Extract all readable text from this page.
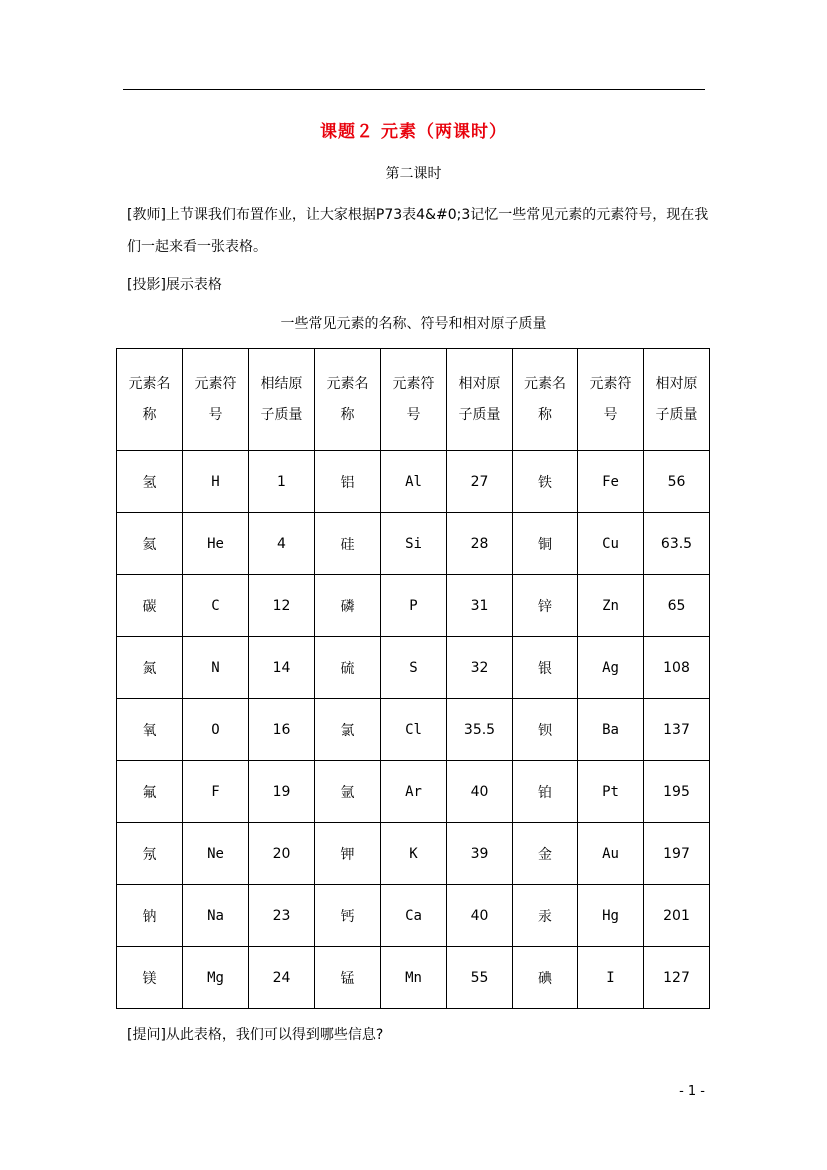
课题２ 元素（两课时）
第二课时
[教师]上节课我们布置作业，让大家根据P73表4&#0;3记忆一些常见元素的元素符号，现在我们一起来看一张表格。
[投影]展示表格
一些常见元素的名称、符号和相对原子质量
元素名称	元素符号	相结原子质量	元素名称	元素符号	相对原子质量	元素名称	元素符号	相对原子质量
氢	H	1	铝	Al	27	铁	Fe	56
氦	He	4	硅	Si	28	铜	Cu	63.5
碳	C	12	磷	P	31	锌	Zn	65
氮	N	14	硫	S	32	银	Ag	108
氧	O	16	氯	Cl	35.5	钡	Ba	137
氟	F	19	氩	Ar	40	铂	Pt	195
氖	Ne	20	钾	K	39	金	Au	197
钠	Na	23	钙	Ca	40	汞	Hg	201
镁	Mg	24	锰	Mn	55	碘	I	127
[提问]从此表格，我们可以得到哪些信息?
- 1 -
